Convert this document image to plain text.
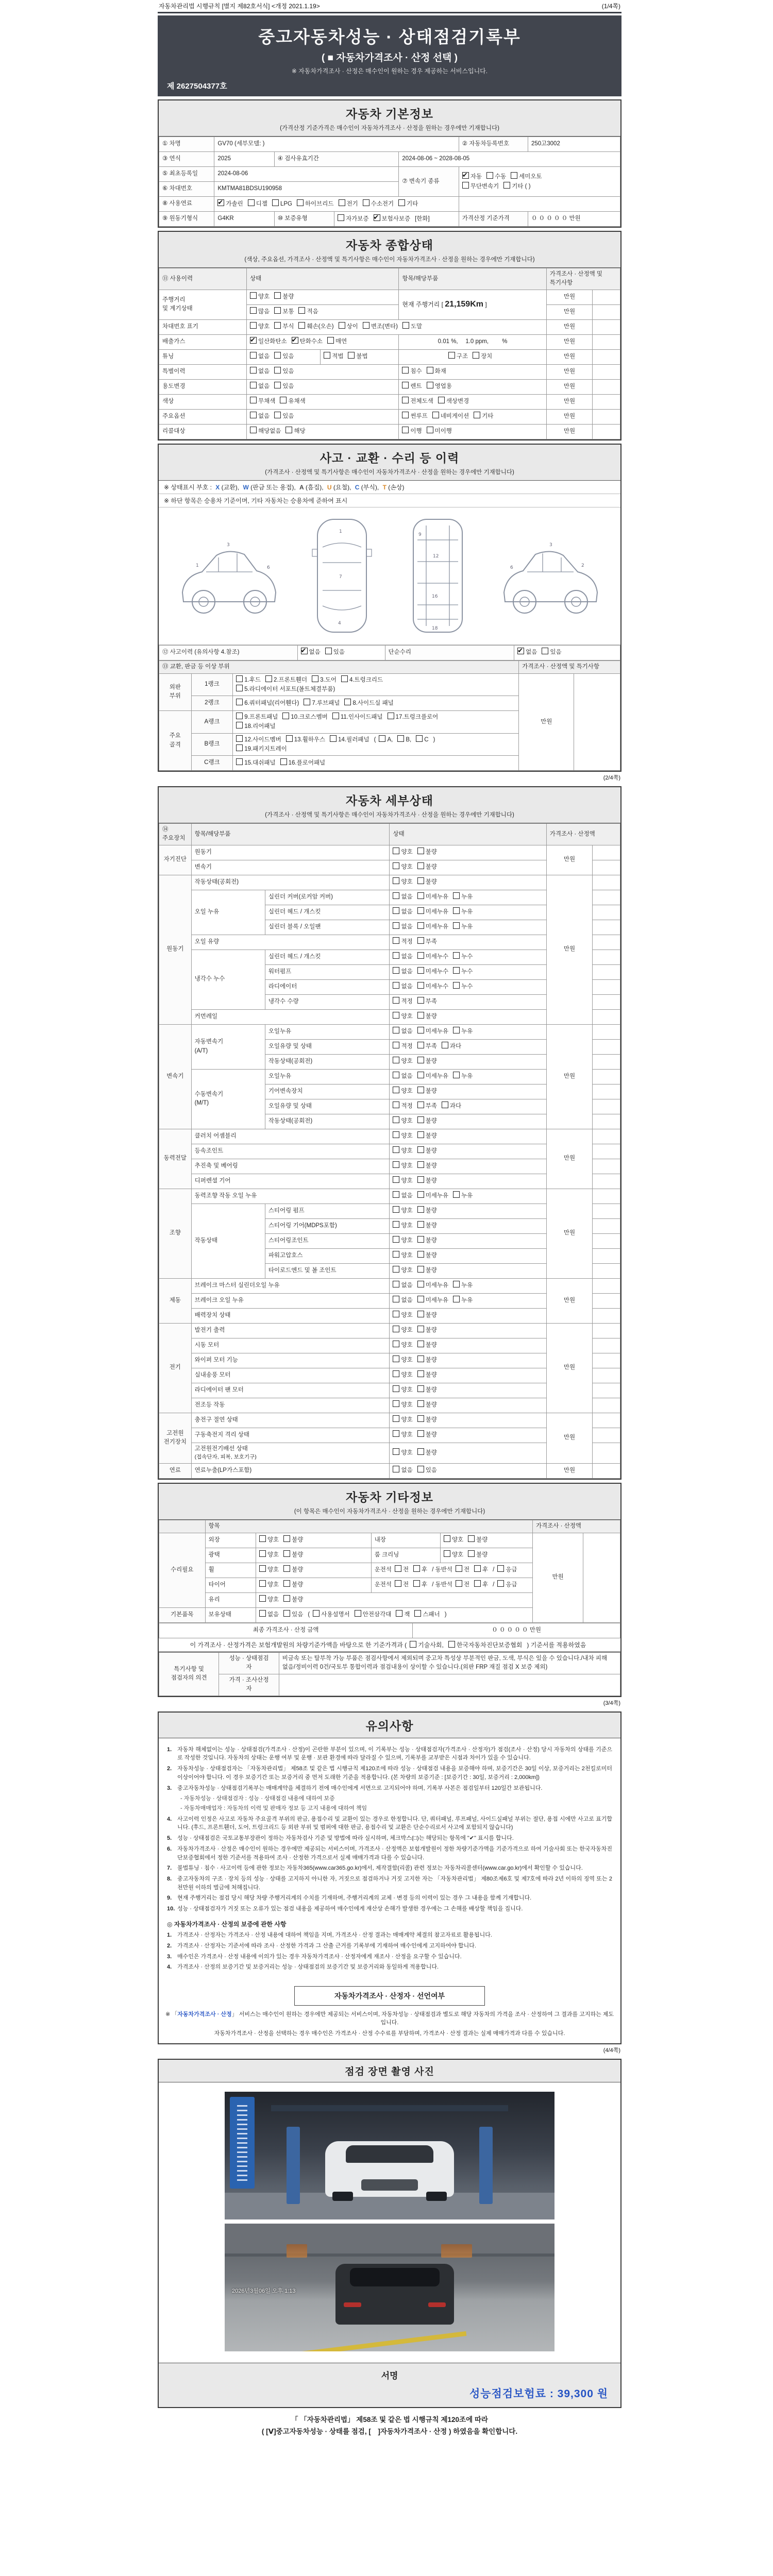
자동차관리법 시행규칙 [별지 제82호서식] <개정 2021.1.19>	(1/4쪽)
중고자동차성능 · 상태점검기록부
( ■ 자동차가격조사 · 산정 선택 )
※ 자동차가격조사 · 산정은 매수인이 원하는 경우 제공하는 서비스입니다.
제 2627504377호
자동차 기본정보
(가격산정 기준가격은 매수인이 자동차가격조사 · 산정을 원하는 경우에만 기재합니다)
① 차명	GV70 (세부모델: )				② 자동차등록번호	250고3002
③ 연식	2025	④ 검사유효기간		2024-08-06 ~ 2028-08-05		
⑤ 최초등록일	2024-08-06			⑦ 변속기 종류	✔자동 수동 세미오토
무단변속기 기타 ( )
⑥ 차대번호	KMTMA81BDSU190958					
⑧ 사용연료	✔가솔린 디젤 LPG 하이브리드 전기 수소전기 기타	
⑨ 원동기형식	G4KR	⑩ 보증유형	자가보증 ✔ 보험사보증 [한화]		가격산정 기준가격	０ ０ ０ ０ ０ 만원
자동차 종합상태
(색상, 주요옵션, 가격조사 · 산정액 및 특기사항은 매수인이 자동차가격조사 · 산정을 원하는 경우에만 기재합니다)
⑪ 사용이력	상태		항목/해당부품	가격조사 · 산정액 및 특기사항	
주행거리
및 계기상태	양호 불량		현재 주행거리 [ 21,159Km ]	만원	
	많음 보통 적음			만원	
차대번호 표기	양호 부식 훼손(오손) 상이 변조(변타) 도말			만원	
배출가스	✔일산화탄소 ✔ 탄화수소 매연		0.01 %,  1.0 ppm,   %	만원	
튜닝	없음 있음	적법 불법	구조 장치	만원	
특별이력	없음 있음		침수 화재	만원	
용도변경	없음 있음		렌트 영업용	만원	
색상	무채색 유채색		전체도색 색상변경	만원	
주요옵션	없음 있음		썬루프 네비게이션 기타	만원	
리콜대상	해당없음 해당		이행 미이행	만원	
사고 · 교환 · 수리 등 이력
(가격조사 · 산정액 및 특기사항은 매수인이 자동차가격조사 · 산정을 원하는 경우에만 기재합니다)
※ 상태표시 부호 : X (교환), W (판금 또는 용접), A (흠집), U (요철), C (부식), T (손상)
※ 하단 항목은 승용차 기준이며, 기타 자동차는 승용차에 준하여 표시
1
3
6
1
7
4
9
12
16
18
2
3
6
⑫ 사고이력 (유의사항 4.참조)	✔없음 있음	단순수리	✔없음 있음
⑬ 교환, 판금 등 이상 부위			가격조사 · 산정액 및 특기사항	
외판
부위	1랭크	1.후드 2.프론트휀더 3.도어 4.트렁크리드
5.라디에이터 서포트(볼트체결부품)	만원	
	2랭크	6.쿼터패널(리어휀다) 7.루브패널 8.사이드실 패널		
주요
골격	A랭크	9.프론트패널 10.크로스멤버 11.인사이드패널 17.트렁크플로어
18.리어패널		
	B랭크	12.사이드멤버 13.휠하우스 14.필러패널 ( A, B, C )
19.패키지트레이		
	C랭크	15.대쉬패널 16.플로어패널		
(2/4쪽)
자동차 세부상태
(가격조사 · 산정액 및 특기사항은 매수인이 자동차가격조사 · 산정을 원하는 경우에만 기재합니다)
⑭ 주요장치	항목/해당부품		상태	가격조사 · 산정액	
자기진단	원동기		양호 불량	만원	
	변속기		양호 불량		
원동기	작동상태(공회전)		양호 불량	만원	
	오일 누유	실린더 커버(로커암 커버)	없음 미세누유 누유		
		실린더 헤드 / 개스킷	없음 미세누유 누유		
		실린더 블록 / 오일팬	없음 미세누유 누유		
	오일 유량		적정 부족		
	냉각수 누수	실린더 헤드 / 개스킷	없음 미세누수 누수		
		워터펌프	없음 미세누수 누수		
		라디에이터	없음 미세누수 누수		
		냉각수 수량	적정 부족		
	커먼레일		양호 불량		
변속기	자동변속기
(A/T)	오일누유	없음 미세누유 누유	만원	
		오일유량 및 상태	적정 부족 과다		
		작동상태(공회전)	양호 불량		
	수동변속기
(M/T)	오일누유	없음 미세누유 누유		
		기어변속장치	양호 불량		
		오일유량 및 상태	적정 부족 과다		
		작동상태(공회전)	양호 불량		
동력전달	클러치 어셈블리		양호 불량	만원	
	등속조인트		양호 불량		
	추진축 및 베어링		양호 불량		
	디퍼렌셜 기어		양호 불량		
조향	동력조향 작동 오일 누유		없음 미세누유 누유	만원	
	작동상태	스티어링 펌프	양호 불량		
		스티어링 기어(MDPS포함)	양호 불량		
		스티어링조인트	양호 불량		
		파워고압호스	양호 불량		
		타이로드엔드 및 볼 조인트	양호 불량		
제동	브레이크 마스터 실린더오일 누유		없음 미세누유 누유	만원	
	브레이크 오일 누유		없음 미세누유 누유		
	배력장치 상태		양호 불량		
전기	발전기 출력		양호 불량	만원	
	시동 모터		양호 불량		
	와이퍼 모터 기능		양호 불량		
	실내송풍 모터		양호 불량		
	라디에이터 팬 모터		양호 불량		
	전조등 작동		양호 불량		
고전원
전기장치	충전구 절연 상태		양호 불량	만원	
	구동축전지 격리 상태		양호 불량		
	고전원전기배선 상태
(접속단자, 피복, 보호기구)		양호 불량		
연료	연료누출(LP가스포함)		없음 있음	만원	
자동차 기타정보
(이 항목은 매수인이 자동차가격조사 · 산정을 원하는 경우에만 기재합니다)
	항목				가격조사 · 산정액	
수리필요	외장	양호 불량	내장	양호 불량	만원	
	광택	양호 불량	룸 크리닝	양호 불량		
	휠	양호 불량	운전석 전 후 / 동반석 전 후 / 응급			
	타이어	양호 불량	운전석 전 후 / 동반석 전 후 / 응급			
	유리	양호 불량				
기본품목	보유상태	없음 있음 ( 사용설명서 안전삼각대 잭 스패너 )				
최종 가격조사 · 산정 금액	０ ０ ０ ０ ０ 만원
이 가격조사 · 산정가격은 보험개발원의 차량기준가액을 바탕으로 한 기준가격과 ( 기술사회, 한국자동차진단보증협회 ) 기준서를 적용하였음
특기사항 및
점검자의 의견	성능 · 상태점검
자	비금속 또는 탈부착 가능 부품은 점검사항에서 제외되며 중고차 특성상 부분적인 판금, 도색, 부식은 있을 수 있습니다./내차 피해 없음/정비이력 0건/국토부 통합이력과 점검내용이 상이할 수 있습니다.(외판 FRP 재질 점검 X 보증 제외)
	가격 · 조사산정
자	
(3/4쪽)
유의사항
1. 자동차 해체없이는 성능 · 상태점검(가격조사 · 산정)이 곤란한 부분이 있으며, 이 기록부는 성능 · 상태점검자(가격조사 · 산정자)가 점검(조사 · 산정) 당시 자동차의 상태를 기준으로 작성한 것입니다. 자동차의 상태는 운행 여부 및 운행 · 보관 환경에 따라 달라질 수 있으며, 기록부를 교부받은 시점과 차이가 있을 수 있습니다.
2. 자동차성능 · 상태점검자는 「자동차관리법」 제58조 및 같은 법 시행규칙 제120조에 따라 성능 · 상태점검 내용을 보증해야 하며, 보증기간은 30일 이상, 보증거리는 2천킬로미터 이상이어야 합니다. 이 경우 보증기간 또는 보증거리 중 먼저 도래한 기준을 적용합니다. (본 차량의 보증기준 : [보증기간 : 30일, 보증거리 : 2,000km])
3. 중고자동차성능 · 상태점검기록부는 매매계약을 체결하기 전에 매수인에게 서면으로 고지되어야 하며, 기록부 사본은 점검일부터 120일간 보관됩니다.
- 자동차성능 · 상태점검자 : 성능 · 상태점검 내용에 대하여 보증
- 자동차매매업자 : 자동차의 이력 및 판매자 정보 등 고지 내용에 대하여 책임
4. 사고이력 인정은 사고로 자동차 주요골격 부위의 판금, 용접수리 및 교환이 있는 경우로 한정합니다. 단, 쿼터패널, 루프패널, 사이드실패널 부위는 절단, 용접 시에만 사고로 표기합니다. (후드, 프론트휀더, 도어, 트렁크리드 등 외판 부위 및 범퍼에 대한 판금, 용접수리 및 교환은 단순수리로서 사고에 포함되지 않습니다)
5. 성능 · 상태점검은 국토교통부장관이 정하는 자동차검사 기준 및 방법에 따라 실시하며, 체크박스(□)는 해당되는 항목에 "✔" 표시를 합니다.
6. 자동차가격조사 · 산정은 매수인이 원하는 경우에만 제공되는 서비스이며, 가격조사 · 산정액은 보험개발원이 정한 차량기준가액을 기준가격으로 하여 기술사회 또는 한국자동차진단보증협회에서 정한 기준서를 적용하여 조사 · 산정한 가격으로서 실제 매매가격과 다를 수 있습니다.
7. 불법튜닝 · 침수 · 사고이력 등에 관한 정보는 자동차365(www.car365.go.kr)에서, 제작결함(리콜) 관련 정보는 자동차리콜센터(www.car.go.kr)에서 확인할 수 있습니다.
8. 중고자동차의 구조 · 장치 등의 성능 · 상태를 고지하지 아니한 자, 거짓으로 점검하거나 거짓 고지한 자는 「자동차관리법」 제80조제6호 및 제7호에 따라 2년 이하의 징역 또는 2천만원 이하의 벌금에 처해집니다.
9. 현재 주행거리는 점검 당시 해당 차량 주행거리계의 수치를 기재하며, 주행거리계의 교체 · 변경 등의 이력이 있는 경우 그 내용을 함께 기재합니다.
10. 성능 · 상태점검자가 거짓 또는 오류가 있는 점검 내용을 제공하여 매수인에게 재산상 손해가 발생한 경우에는 그 손해를 배상할 책임을 집니다.
◎ 자동차가격조사 · 산정의 보증에 관한 사항
1. 가격조사 · 산정자는 가격조사 · 산정 내용에 대하여 책임을 지며, 가격조사 · 산정 결과는 매매계약 체결의 참고자료로 활용됩니다.
2. 가격조사 · 산정자는 기준서에 따라 조사 · 산정한 가격과 그 산출 근거를 기록부에 기재하여 매수인에게 고지하여야 합니다.
3. 매수인은 가격조사 · 산정 내용에 이의가 있는 경우 자동차가격조사 · 산정자에게 재조사 · 산정을 요구할 수 있습니다.
4. 가격조사 · 산정의 보증기간 및 보증거리는 성능 · 상태점검의 보증기간 및 보증거리와 동일하게 적용합니다.
자동차가격조사 · 산정자 · 선언여부
※ 「자동차가격조사 · 산정」 서비스는 매수인이 원하는 경우에만 제공되는 서비스이며, 자동차성능 · 상태점검과 별도로 해당 자동차의 가격을 조사 · 산정하여 그 결과를 고지하는 제도입니다.
자동차가격조사 · 산정을 선택하는 경우 매수인은 가격조사 · 산정 수수료를 부담하며, 가격조사 · 산정 결과는 실제 매매가격과 다를 수 있습니다.
(4/4쪽)
점검 장면 촬영 사진
2026년3월06일 오후 1:13
서명
성능점검보험료 : 39,300 원
「 「자동차관리법」 제58조 및 같은 법 시행규칙 제120조에 따라
( [Ⅴ]중고자동차성능 · 상태를 점검, [　]자동차가격조사 · 산정 ) 하였음을 확인합니다.
